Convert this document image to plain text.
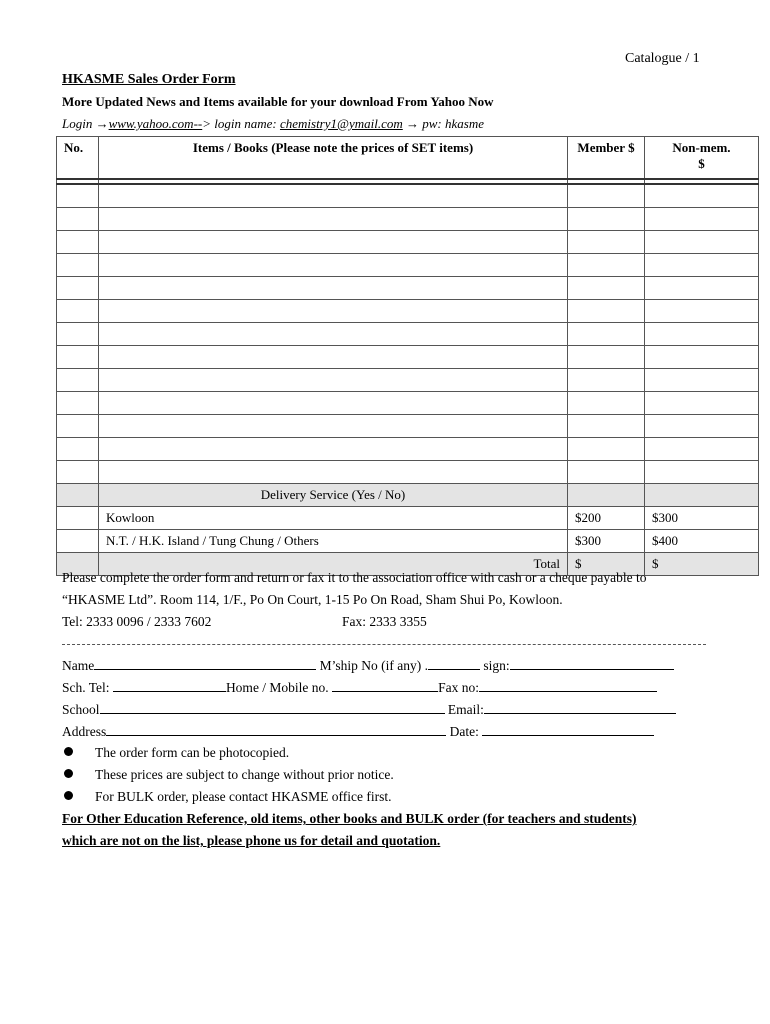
Catalogue / 1
HKASME Sales Order Form
More Updated News and Items available for your download From Yahoo Now
Login →www.yahoo.com--> login name: chemistry1@ymail.com → pw: hkasme
No.	Items / Books (Please note the prices of SET items)	Member $	Non-mem.
$

	Delivery Service (Yes / No)		
	Kowloon	$200	$300
	N.T. / H.K. Island / Tung Chung / Others	$300	$400
	Total	$	$
Please complete the order form and return or fax it to the association office with cash or a cheque payable to
“HKASME Ltd”. Room 114, 1/F., Po On Court, 1-15 Po On Road, Sham Shui Po, Kowloon.
Tel: 2333 0096 / 2333 7602	Fax: 2333 3355
Name	M’ship No (if any) .	sign:
Sch. Tel:	Home / Mobile no.	Fax no:
School	Email:
Address	Date:
The order form can be photocopied.
These prices are subject to change without prior notice.
For BULK order, please contact HKASME office first.
For Other Education Reference, old items, other books and BULK order (for teachers and students)
which are not on the list, please phone us for detail and quotation.
